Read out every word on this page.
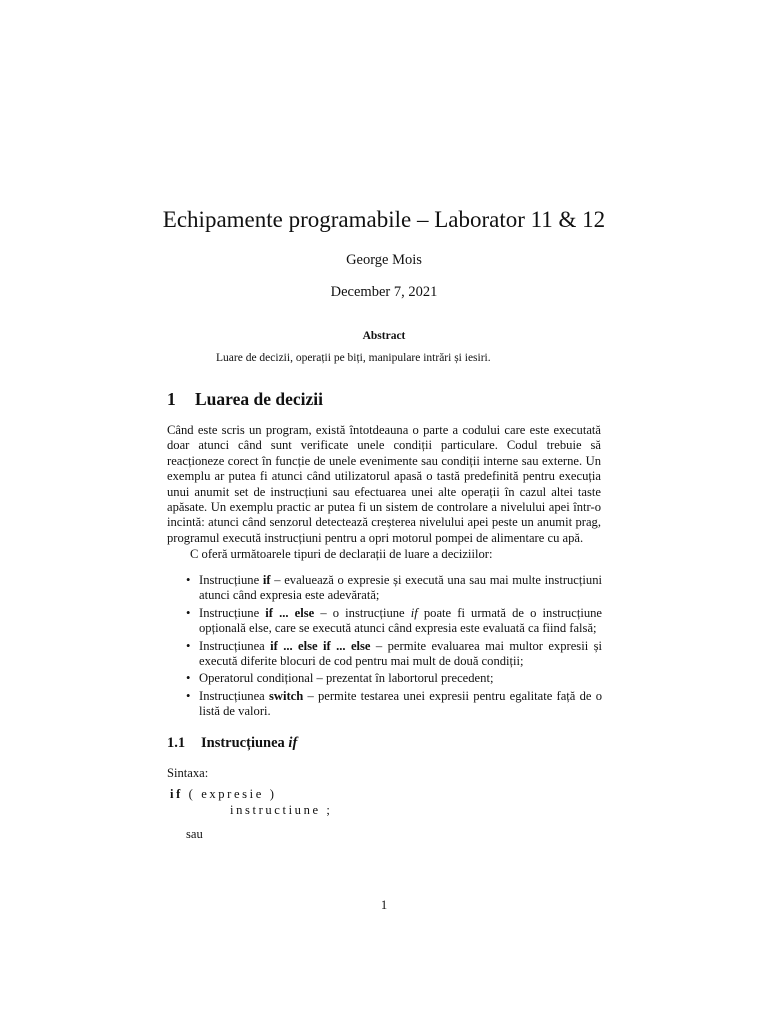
Echipamente programabile – Laborator 11 & 12
George Mois
December 7, 2021
Abstract
Luare de decizii, operații pe biți, manipulare intrări și iesiri.
1 Luarea de decizii
Când este scris un program, există întotdeauna o parte a codului care este executată doar atunci când sunt verificate unele condiții particulare. Codul trebuie să reacționeze corect în funcție de unele evenimente sau condiții interne sau externe. Un exemplu ar putea fi atunci când utilizatorul apasă o tastă predefinită pentru execuția unui anumit set de instrucțiuni sau efectuarea unei alte operații în cazul altei taste apăsate. Un exemplu practic ar putea fi un sistem de controlare a nivelului apei într-o incintă: atunci când senzorul detectează creșterea nivelului apei peste un anumit prag, programul execută instrucțiuni pentru a opri motorul pompei de alimentare cu apă.
C oferă următoarele tipuri de declarații de luare a deciziilor:
• Instrucțiune if – evaluează o expresie și execută una sau mai multe instrucțiuni atunci când expresia este adevărată;
• Instrucțiune if ... else – o instrucțiune if poate fi urmată de o instrucțiune opțională else, care se execută atunci când expresia este evaluată ca fiind falsă;
• Instrucțiunea if ... else if ... else – permite evaluarea mai multor expresii și execută diferite blocuri de cod pentru mai mult de două condiții;
• Operatorul condițional – prezentat în labortorul precedent;
• Instrucțiunea switch – permite testarea unei expresii pentru egalitate față de o listă de valori.
1.1 Instrucțiunea if
Sintaxa:
if ( expresie )
instructiune ;
sau
1
